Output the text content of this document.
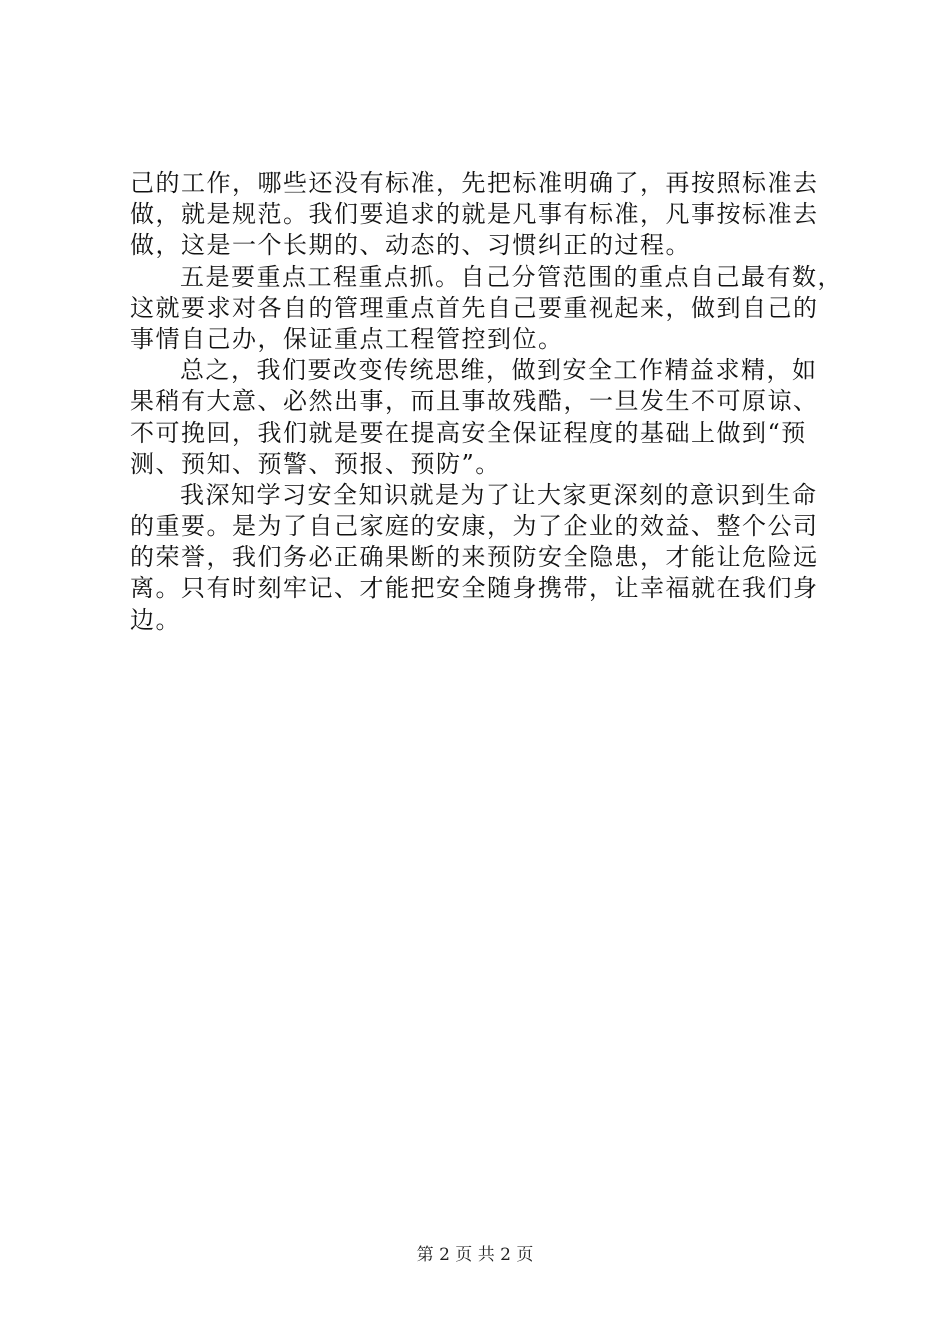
己的工作，哪些还没有标准，先把标准明确了，再按照标准去
做，就是规范。我们要追求的就是凡事有标准，凡事按标准去
做，这是一个长期的、动态的、习惯纠正的过程。
五是要重点工程重点抓。自己分管范围的重点自己最有数，
这就要求对各自的管理重点首先自己要重视起来，做到自己的
事情自己办，保证重点工程管控到位。
总之，我们要改变传统思维，做到安全工作精益求精，如
果稍有大意、必然出事，而且事故残酷，一旦发生不可原谅、
不可挽回，我们就是要在提高安全保证程度的基础上做到“预
测、预知、预警、预报、预防”。
我深知学习安全知识就是为了让大家更深刻的意识到生命
的重要。是为了自己家庭的安康，为了企业的效益、整个公司
的荣誉，我们务必正确果断的来预防安全隐患，才能让危险远
离。只有时刻牢记、才能把安全随身携带，让幸福就在我们身
边。
第 2 页 共 2 页
